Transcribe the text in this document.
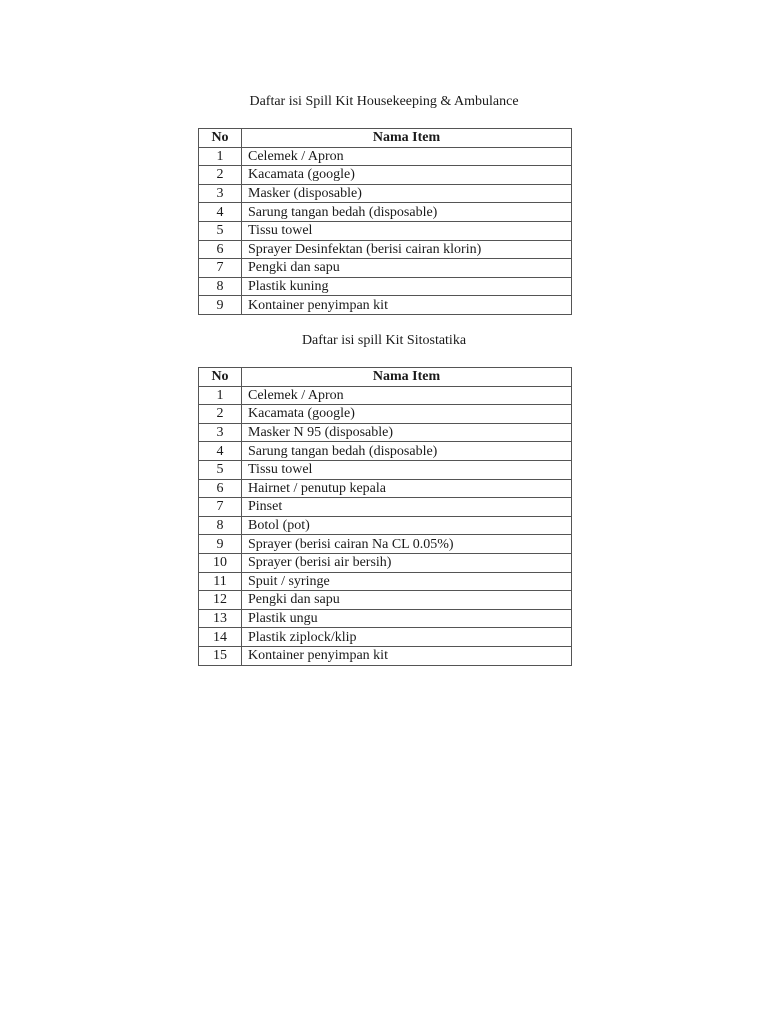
Daftar isi Spill Kit Housekeeping & Ambulance
No	Nama Item
1	Celemek / Apron
2	Kacamata (google)
3	Masker (disposable)
4	Sarung tangan bedah (disposable)
5	Tissu towel
6	Sprayer Desinfektan (berisi cairan klorin)
7	Pengki dan sapu
8	Plastik kuning
9	Kontainer penyimpan kit
Daftar isi spill Kit Sitostatika
No	Nama Item
1	Celemek / Apron
2	Kacamata (google)
3	Masker N 95 (disposable)
4	Sarung tangan bedah (disposable)
5	Tissu towel
6	Hairnet / penutup kepala
7	Pinset
8	Botol (pot)
9	Sprayer (berisi cairan Na CL 0.05%)
10	Sprayer (berisi air bersih)
11	Spuit / syringe
12	Pengki dan sapu
13	Plastik ungu
14	Plastik ziplock/klip
15	Kontainer penyimpan kit
